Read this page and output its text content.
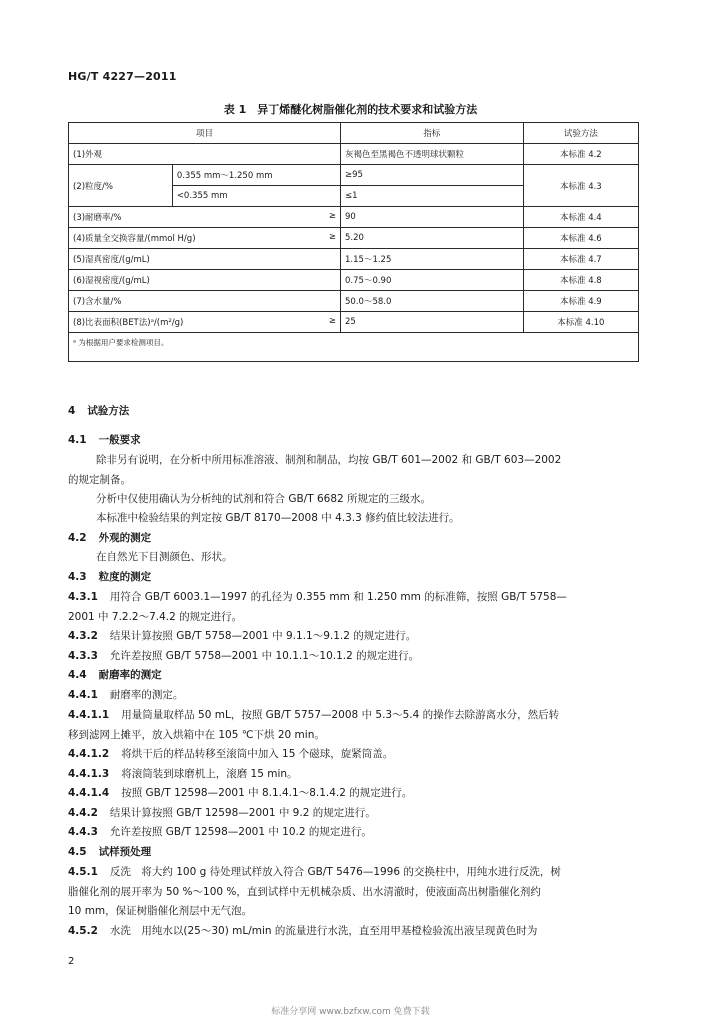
HG/T 4227—2011
表 1　异丁烯醚化树脂催化剂的技术要求和试验方法
项目		指标	试验方法
(1)外观		灰褐色至黑褐色不透明球状颗粒	本标准 4.2
(2)粒度/%	0.355 mm～1.250 mm	≥95	本标准 4.3
	<0.355 mm	≤1	
(3)耐磨率/% ≥		90	本标准 4.4
(4)质量全交换容量/(mmol H/g) ≥		5.20	本标准 4.6
(5)湿真密度/(g/mL)		1.15～1.25	本标准 4.7
(6)湿视密度/(g/mL)		0.75～0.90	本标准 4.8
(7)含水量/%		50.0～58.0	本标准 4.9
(8)比表面积(BET法)ᵃ/(m²/g) ≥		25	本标准 4.10
ᵃ 为根据用户要求检测项目。			
4 试验方法
4.1 一般要求
除非另有说明，在分析中所用标准溶液、制剂和制品，均按 GB/T 601—2002 和 GB/T 603—2002
的规定制备。
分析中仅使用确认为分析纯的试剂和符合 GB/T 6682 所规定的三级水。
本标准中检验结果的判定按 GB/T 8170—2008 中 4.3.3 修约值比较法进行。
4.2 外观的测定
在自然光下目测颜色、形状。
4.3 粒度的测定
4.3.1 用符合 GB/T 6003.1—1997 的孔径为 0.355 mm 和 1.250 mm 的标准筛，按照 GB/T 5758—
2001 中 7.2.2～7.4.2 的规定进行。
4.3.2 结果计算按照 GB/T 5758—2001 中 9.1.1～9.1.2 的规定进行。
4.3.3 允许差按照 GB/T 5758—2001 中 10.1.1～10.1.2 的规定进行。
4.4 耐磨率的测定
4.4.1 耐磨率的测定。
4.4.1.1 用量筒量取样品 50 mL，按照 GB/T 5757—2008 中 5.3～5.4 的操作去除游离水分，然后转
移到滤网上摊平，放入烘箱中在 105 ℃下烘 20 min。
4.4.1.2 将烘干后的样品转移至滚筒中加入 15 个磁球，旋紧筒盖。
4.4.1.3 将滚筒装到球磨机上，滚磨 15 min。
4.4.1.4 按照 GB/T 12598—2001 中 8.1.4.1～8.1.4.2 的规定进行。
4.4.2 结果计算按照 GB/T 12598—2001 中 9.2 的规定进行。
4.4.3 允许差按照 GB/T 12598—2001 中 10.2 的规定进行。
4.5 试样预处理
4.5.1 反洗　将大约 100 g 待处理试样放入符合 GB/T 5476—1996 的交换柱中，用纯水进行反洗，树
脂催化剂的展开率为 50 %～100 %，直到试样中无机械杂质、出水清澈时，使液面高出树脂催化剂约
10 mm，保证树脂催化剂层中无气泡。
4.5.2 水洗　用纯水以(25～30) mL/min 的流量进行水洗，直至用甲基橙检验流出液呈现黄色时为
2
标准分享网 www.bzfxw.com 免费下载
